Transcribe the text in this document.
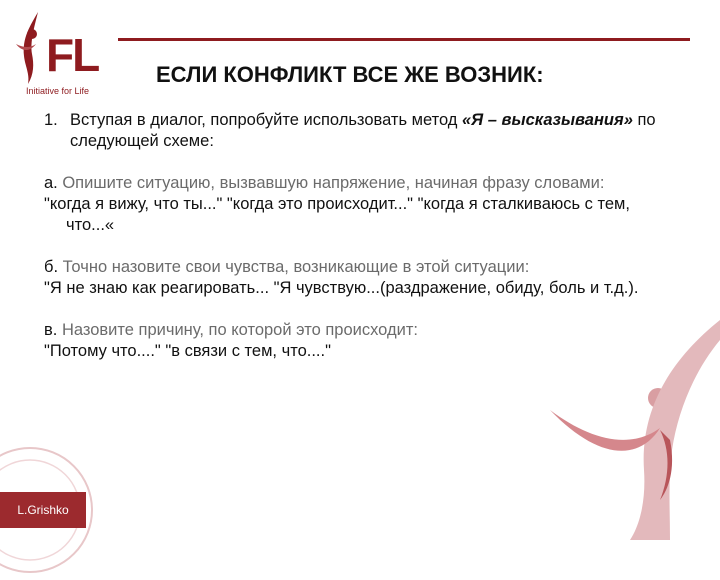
FL
Initiative for Life
ЕСЛИ КОНФЛИКТ ВСЕ ЖЕ ВОЗНИК:
1. Вступая в диалог, попробуйте использовать метод «Я – высказывания» по следующей схеме:

а. Опишите ситуацию, вызвавшую напряжение, начиная фразу словами:

"когда я вижу, что ты..." "когда это происходит..." "когда я сталкиваюсь с тем, что...«

б. Точно назовите свои чувства, возникающие в этой ситуации:

"Я не знаю как реагировать... "Я чувствую...(раздражение, обиду, боль и т.д.).

в. Назовите причину, по которой это происходит:

"Потому что...." "в связи с тем, что...."

L.Grishko
